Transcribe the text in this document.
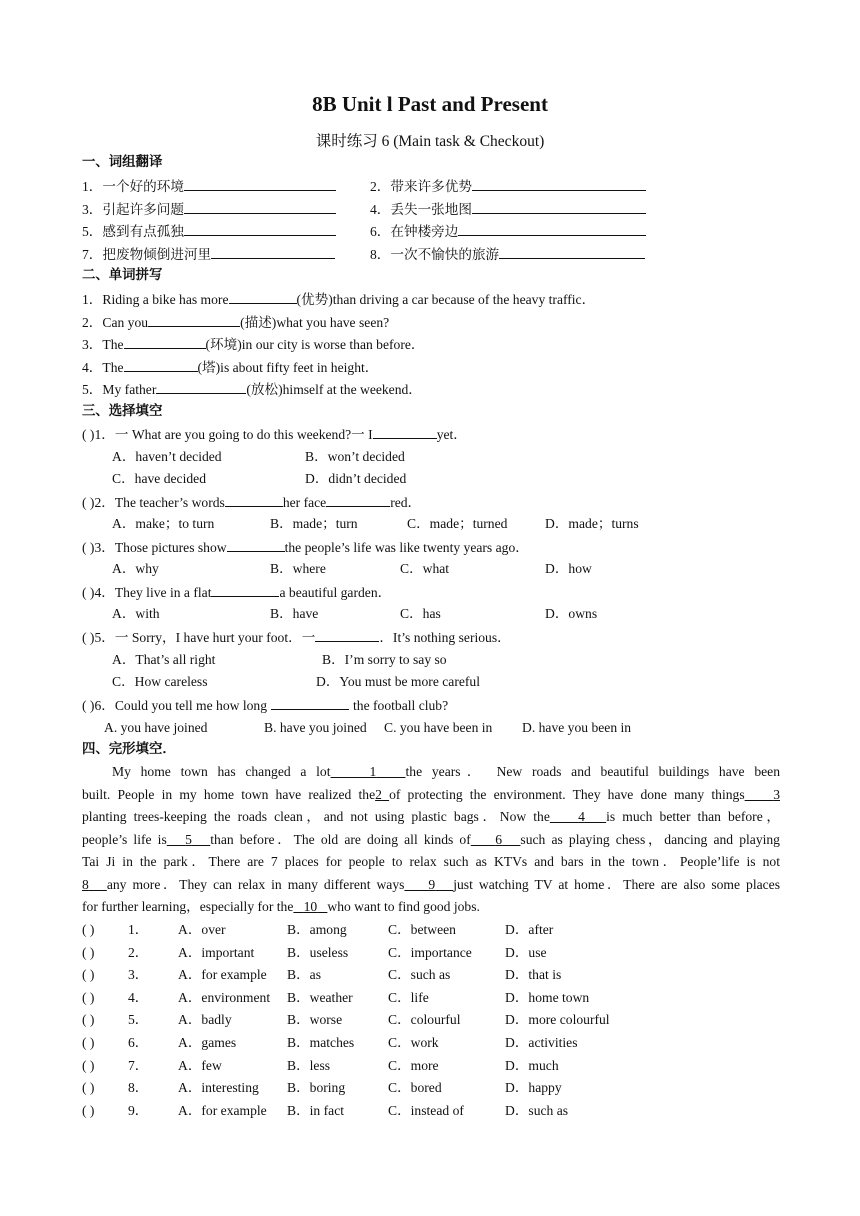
8B Unit l Past and Present
课时练习 6 (Main task & Checkout)
一、词组翻译
1．一个好的环境	2．带来许多优势
3．引起许多问题	4．丢失一张地图
5．感到有点孤独	6．在钟楼旁边
7．把废物倾倒进河里	8．一次不愉快的旅游
二、单词拼写
1．Riding a bike has more	(优势)than driving a car because of the heavy traffic．
2．Can you	(描述)what you have seen?
3．The	(环境)in our city is worse than before．
4．The	(塔)is about fifty feet in height．
5．My father	(放松)himself at the weekend．
三、选择填空
( )1．一 What are you going to do this weekend?一 I	yet．
A．haven’t decided	B．won’t decided
C．have decided	D．didn’t decided
( )2．The teacher’s words	her face	red．
A．make；to turn	B．made；turn	C．made；turned	D．made；turns
( )3．Those pictures show	the people’s life was like twenty years ago．
A．why	B．where	C．what	D．how
( )4．They live in a flat	a beautiful garden．
A．with	B．have	C．has	D．owns
( )5．一 Sorry，I have hurt your foot．一	．It’s nothing serious．
A．That’s all right	B．I’m sorry to say so
C．How careless	D．You must be more careful
( )6．Could you tell me how long	the football club?
A. you have joined	B. have you joined C. you have been in D. have you been in
四、完形填空．
My home town has changed a lot	1 the years． New roads and beautiful buildings have been
built. People in my home town have realized the2 of protecting the environment. They have done many things 3
planting trees-keeping the roads clean，and not using plastic bags．Now the 4 is much better than before，
people’s life is 5 than before．The old are doing all kinds of 6 such as playing chess，dancing and playing
Tai Ji in the park．There are 7 places for people to relax such as KTVs and bars in the town．People’life is not
8 any more．They can relax in many different ways 9 just watching TV at home．There are also some places
for further learning，especially for the 10 who want to find good jobs.
( ) 1． A．over	B．among	C．between	D．after
( ) 2． A．important B．useless	C．importance D．use
( ) 3． A．for example B．as	C．such as	D．that is
( ) 4． A．environment B．weather	C．life	D．home town
( ) 5． A．badly	B．worse	C．colourful	D．more colourful
( ) 6． A．games	B．matches C．work	D．activities
( ) 7． A．few	B．less	C．more	D．much
( ) 8． A．interesting B．boring	C．bored	D．happy
( ) 9． A．for example B．in fact	C．instead of	D．such as
